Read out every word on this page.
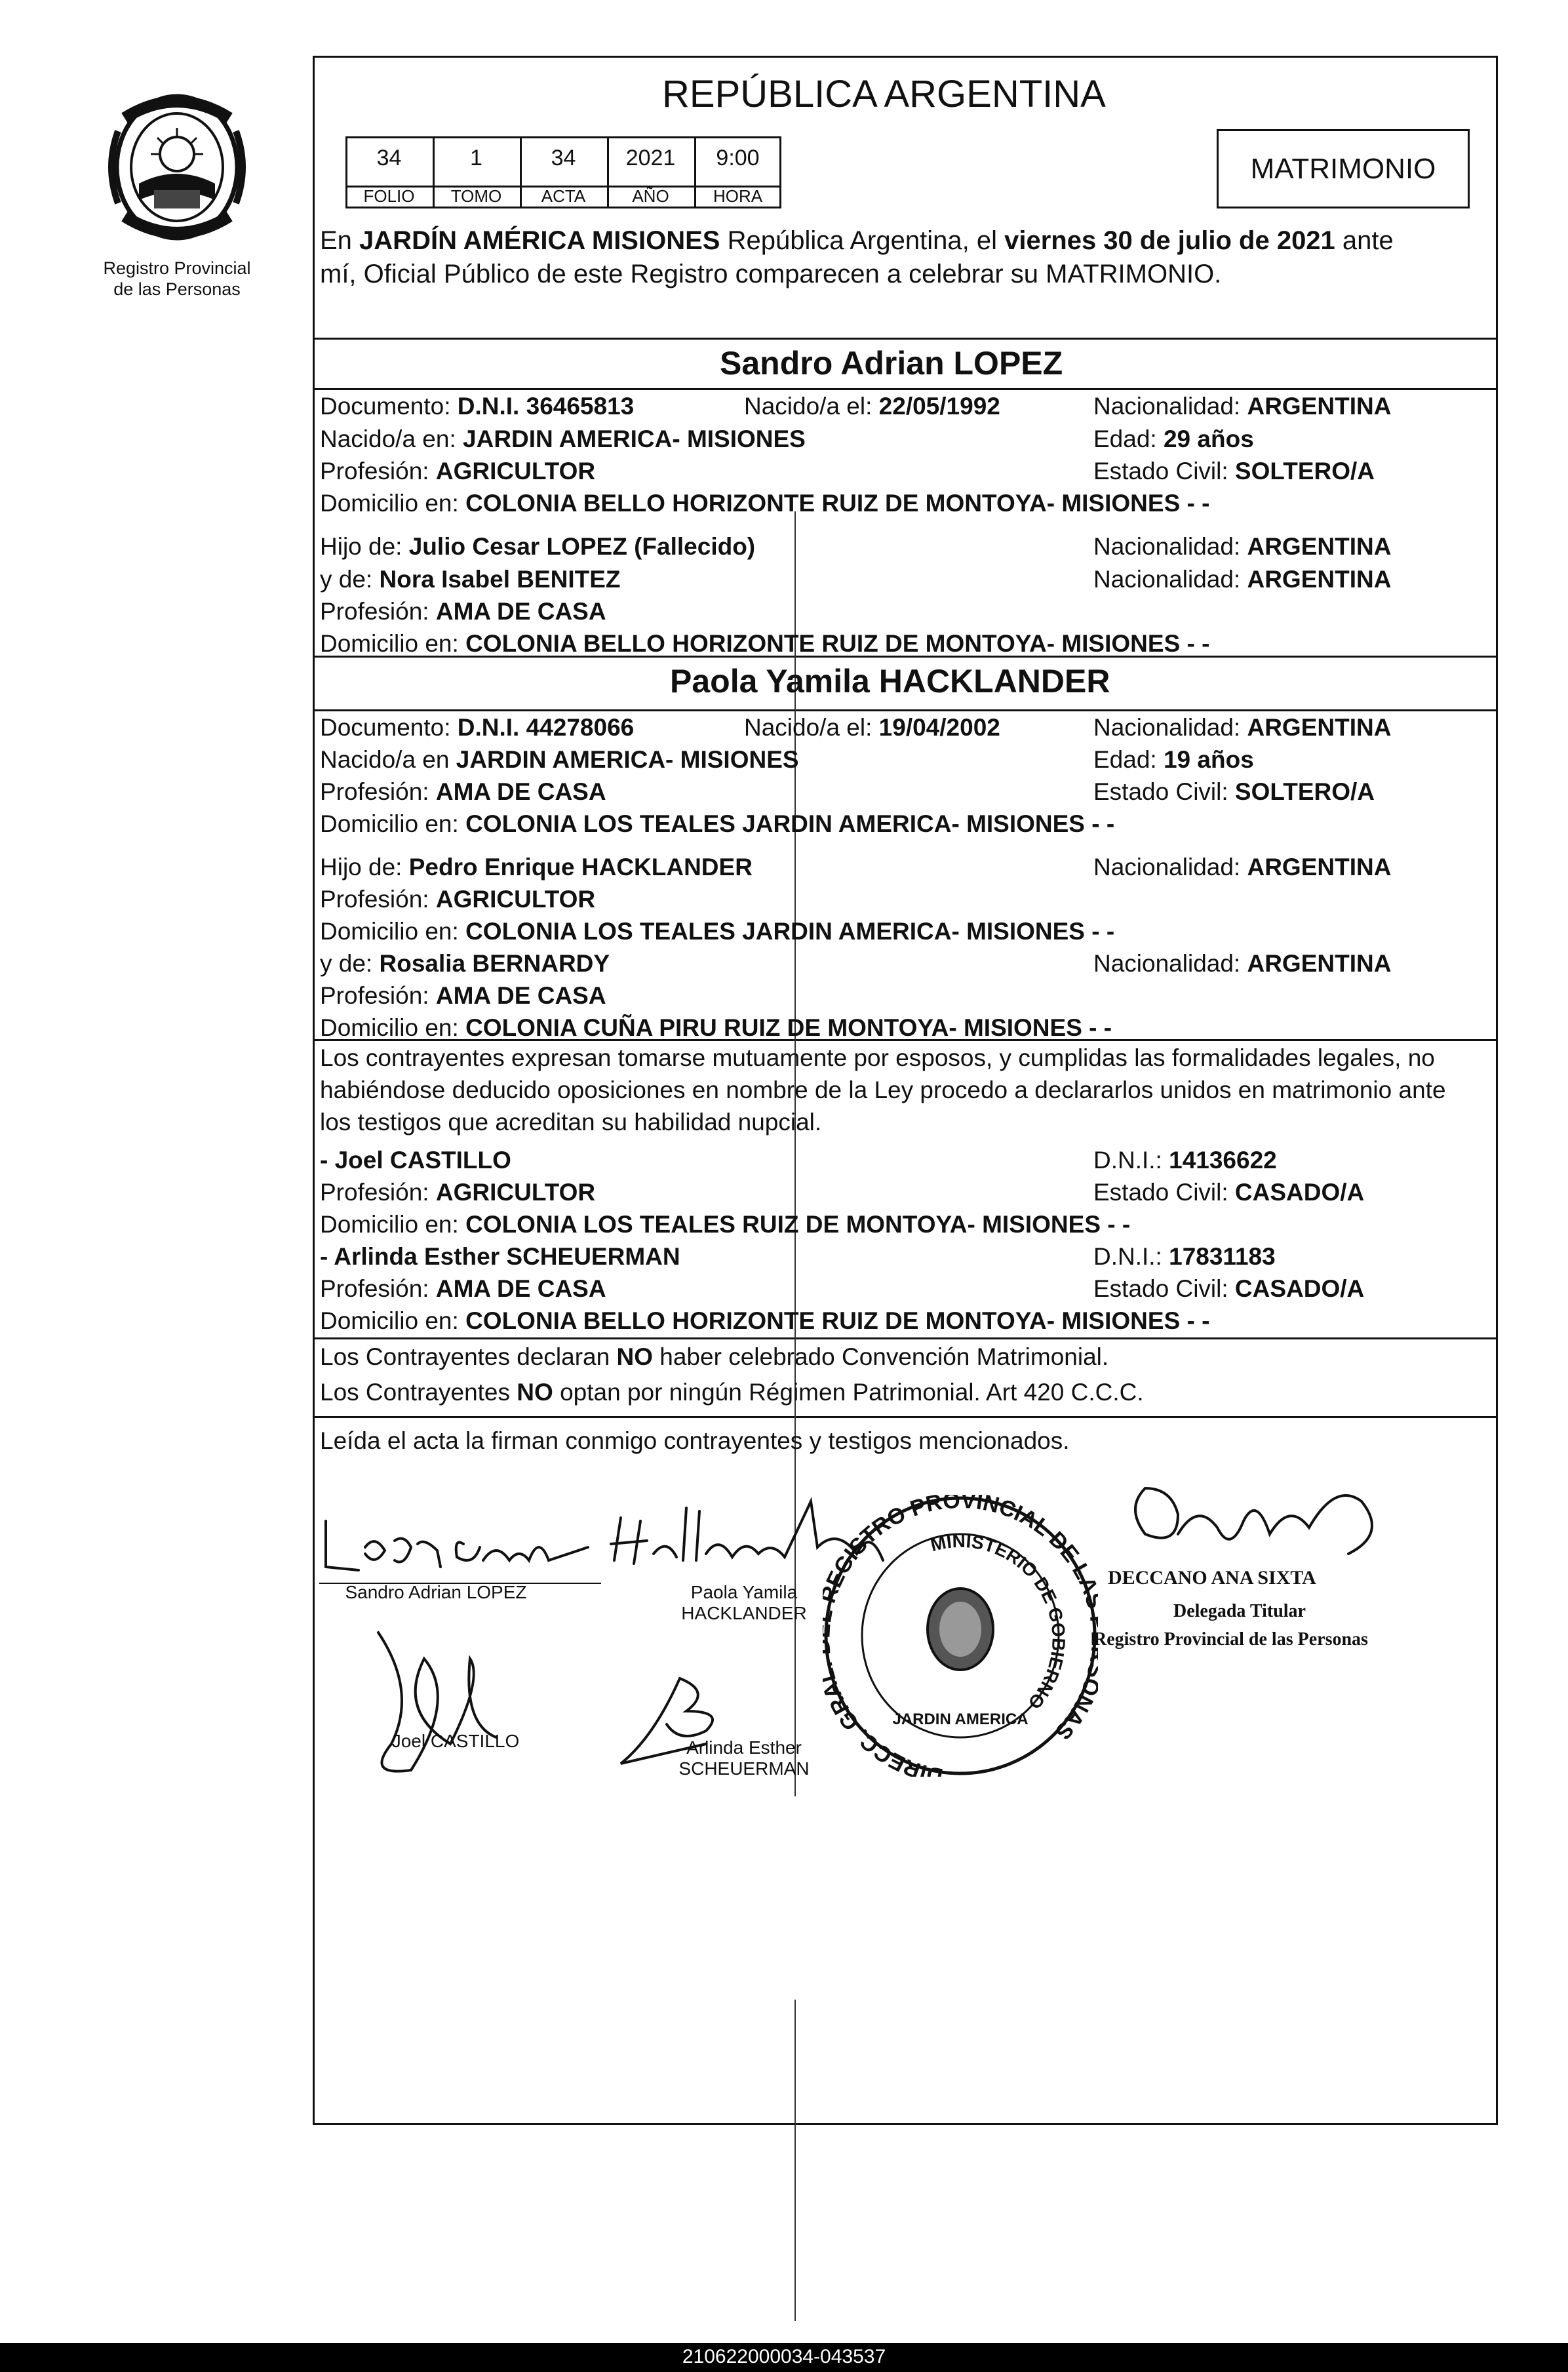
Registro Provincial
de las Personas
REPÚBLICA ARGENTINA
34	1	34	2021	9:00
FOLIO	TOMO	ACTA	AÑO	HORA
MATRIMONIO
En JARDÍN AMÉRICA MISIONES República Argentina, el viernes 30 de julio de 2021 ante
mí, Oficial Público de este Registro comparecen a celebrar su MATRIMONIO.
Sandro Adrian LOPEZ
Documento: D.N.I. 36465813	Nacido/a el: 22/05/1992	Nacionalidad: ARGENTINA
Nacido/a en: JARDIN AMERICA- MISIONES	Edad: 29 años
Profesión: AGRICULTOR	Estado Civil: SOLTERO/A
Domicilio en: COLONIA BELLO HORIZONTE RUIZ DE MONTOYA- MISIONES - -
Hijo de: Julio Cesar LOPEZ (Fallecido)	Nacionalidad: ARGENTINA
y de: Nora Isabel BENITEZ	Nacionalidad: ARGENTINA
Profesión: AMA DE CASA
Domicilio en: COLONIA BELLO HORIZONTE RUIZ DE MONTOYA- MISIONES - -
Paola Yamila HACKLANDER
Documento: D.N.I. 44278066	Nacido/a el: 19/04/2002	Nacionalidad: ARGENTINA
Nacido/a en JARDIN AMERICA- MISIONES	Edad: 19 años
Profesión: AMA DE CASA	Estado Civil: SOLTERO/A
Domicilio en: COLONIA LOS TEALES JARDIN AMERICA- MISIONES - -
Hijo de: Pedro Enrique HACKLANDER	Nacionalidad: ARGENTINA
Profesión: AGRICULTOR
Domicilio en: COLONIA LOS TEALES JARDIN AMERICA- MISIONES - -
y de: Rosalia BERNARDY	Nacionalidad: ARGENTINA
Profesión: AMA DE CASA
Domicilio en: COLONIA CUÑA PIRU RUIZ DE MONTOYA- MISIONES - -
Los contrayentes expresan tomarse mutuamente por esposos, y cumplidas las formalidades legales, no
habiéndose deducido oposiciones en nombre de la Ley procedo a declararlos unidos en matrimonio ante
los testigos que acreditan su habilidad nupcial.
- Joel CASTILLO	D.N.I.: 14136622
Profesión: AGRICULTOR	Estado Civil: CASADO/A
Domicilio en: COLONIA LOS TEALES RUIZ DE MONTOYA- MISIONES - -
- Arlinda Esther SCHEUERMAN	D.N.I.: 17831183
Profesión: AMA DE CASA	Estado Civil: CASADO/A
Domicilio en: COLONIA BELLO HORIZONTE RUIZ DE MONTOYA- MISIONES - -
Los Contrayentes declaran NO haber celebrado Convención Matrimonial.
Los Contrayentes NO optan por ningún Régimen Patrimonial. Art 420 C.C.C.
Leída el acta la firman conmigo contrayentes y testigos mencionados.
Sandro Adrian LOPEZ	Paola Yamila
HACKLANDER
Joel CASTILLO	Arlinda Esther
SCHEUERMAN
DECCANO ANA SIXTA
Delegada Titular
Registro Provincial de las Personas
DIRECC. GR EGISTRO PROVINCIAL DE L NAS
MINISTERIO DE GOBIERNO
JARDIN AMERICA
210622000034-043537
